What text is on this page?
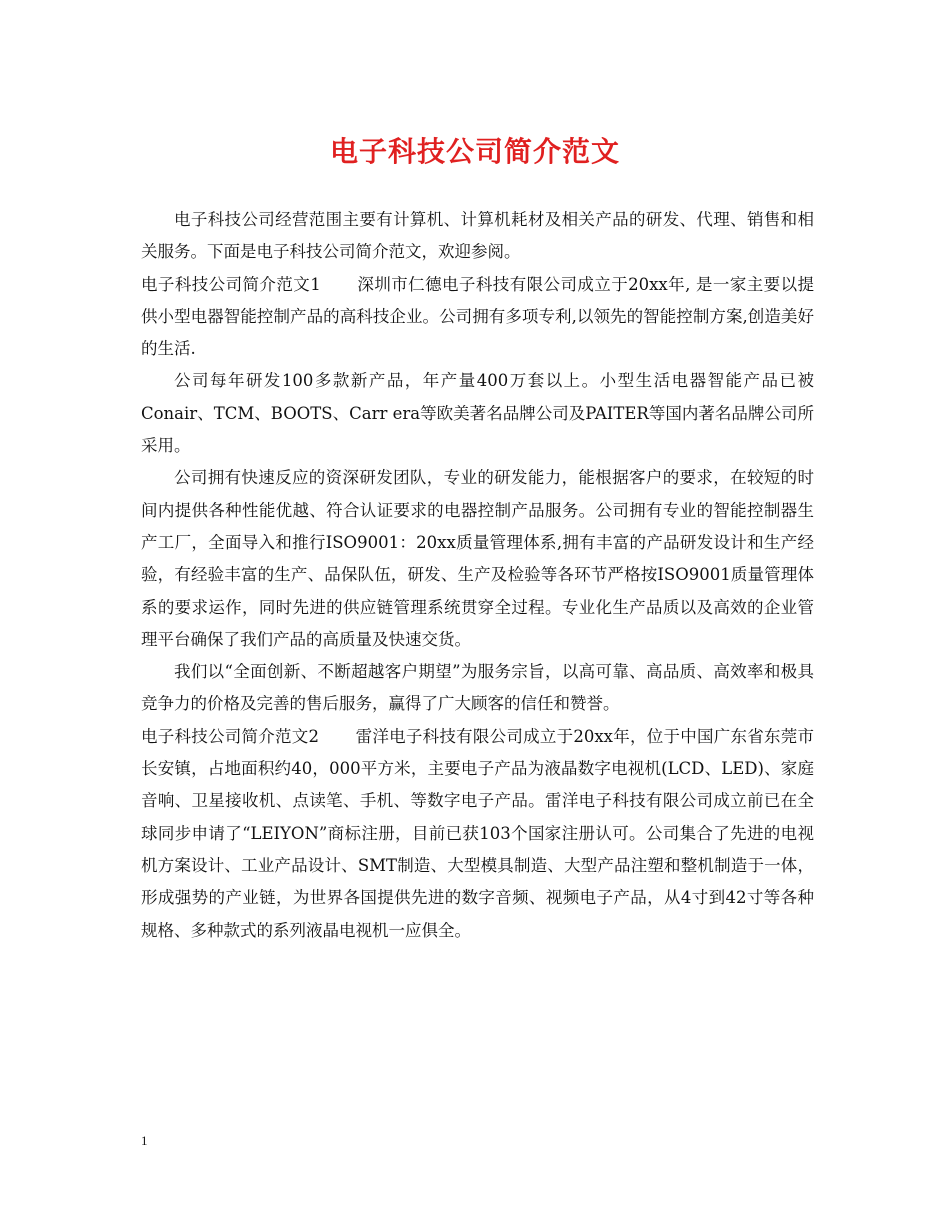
电子科技公司简介范文

电子科技公司经营范围主要有计算机、计算机耗材及相关产品的研发、代理、销售和相关服务。下面是电子科技公司简介范文，欢迎参阅。

电子科技公司简介范文1 深圳市仁德电子科技有限公司成立于20xx年, 是一家主要以提供小型电器智能控制产品的高科技企业。公司拥有多项专利,以领先的智能控制方案,创造美好的生活.

公司每年研发100多款新产品，年产量400万套以上。小型生活电器智能产品已被Conair、TCM、BOOTS、Carr era等欧美著名品牌公司及PAITER等国内著名品牌公司所采用。

公司拥有快速反应的资深研发团队，专业的研发能力，能根据客户的要求，在较短的时间内提供各种性能优越、符合认证要求的电器控制产品服务。公司拥有专业的智能控制器生产工厂，全面导入和推行ISO9001：20xx质量管理体系,拥有丰富的产品研发设计和生产经验，有经验丰富的生产、品保队伍，研发、生产及检验等各环节严格按ISO9001质量管理体系的要求运作，同时先进的供应链管理系统贯穿全过程。专业化生产品质以及高效的企业管理平台确保了我们产品的高质量及快速交货。

我们以“全面创新、不断超越客户期望”为服务宗旨，以高可靠、高品质、高效率和极具竞争力的价格及完善的售后服务，赢得了广大顾客的信任和赞誉。

电子科技公司简介范文2 雷洋电子科技有限公司成立于20xx年，位于中国广东省东莞市长安镇，占地面积约40，000平方米，主要电子产品为液晶数字电视机(LCD、LED)、家庭音响、卫星接收机、点读笔、手机、等数字电子产品。雷洋电子科技有限公司成立前已在全球同步申请了“LEIYON”商标注册，目前已获103个国家注册认可。公司集合了先进的电视机方案设计、工业产品设计、SMT制造、大型模具制造、大型产品注塑和整机制造于一体，形成强势的产业链，为世界各国提供先进的数字音频、视频电子产品，从4寸到42寸等各种规格、多种款式的系列液晶电视机一应俱全。

1
